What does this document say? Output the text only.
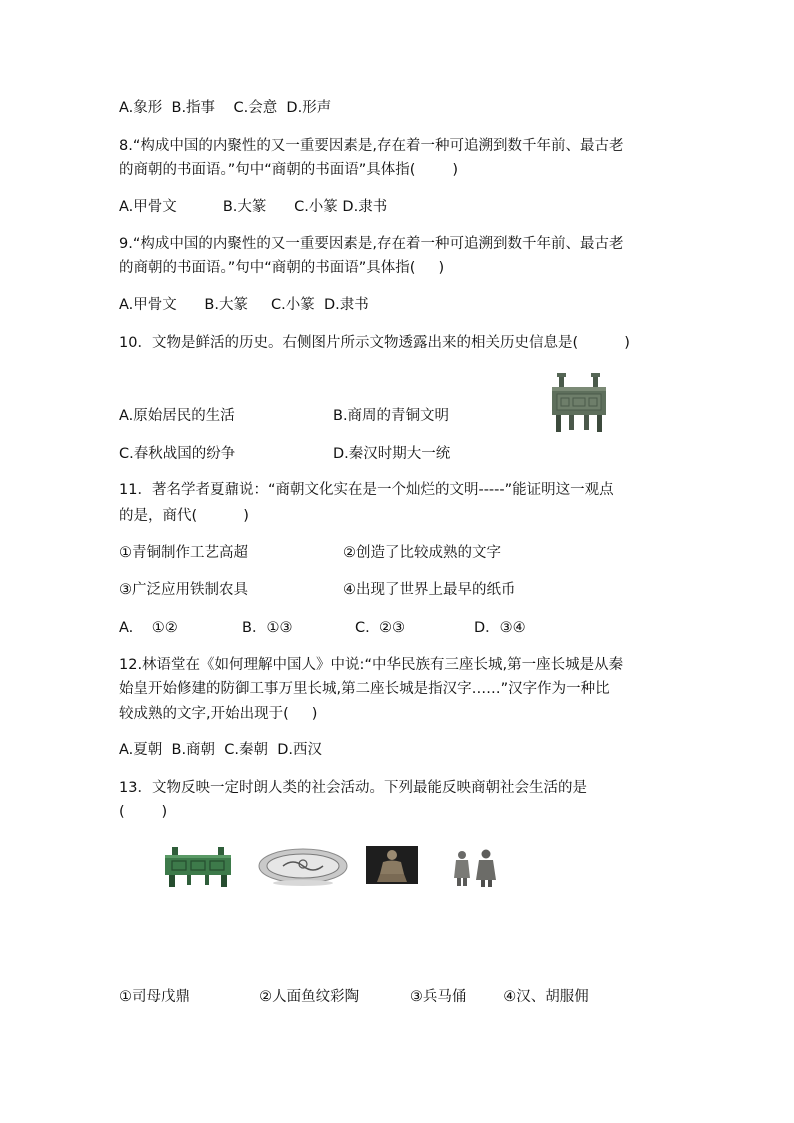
A.象形  B.指事    C.会意  D.形声

8.“构成中国的内聚性的又一重要因素是,存在着一种可追溯到数千年前、最古老

的商朝的书面语。”句中“商朝的书面语”具体指(        )

A.甲骨文          B.大篆      C.小篆 D.隶书

9.“构成中国的内聚性的又一重要因素是,存在着一种可追溯到数千年前、最古老

的商朝的书面语。”句中“商朝的书面语”具体指(     )

A.甲骨文      B.大篆     C.小篆  D.隶书

10．文物是鲜活的历史。右侧图片所示文物透露出来的相关历史信息是(          )

A.原始居民的生活	B.商周的青铜文明
C.春秋战国的纷争	D.秦汉时期大一统

11．著名学者夏鼐说：“商朝文化实在是一个灿烂的文明--‐--”能证明这一观点

的是，商代(          )

①青铜制作工艺高超	②创造了比较成熟的文字
③广泛应用铁制农具	④出现了世界上最早的纸币
A.    ①②	B．①③	C.  ②③	D．③④

12.林语堂在《如何理解中国人》中说:“中华民族有三座长城,第一座长城是从秦

始皇开始修建的防御工事万里长城,第二座长城是指汉字……”汉字作为一种比

较成熟的文字,开始出现于(     )

A.夏朝  B.商朝  C.秦朝  D.西汉

13．文物反映一定时朗人类的社会活动。下列最能反映商朝社会生活的是

(        )

①司母戊鼎               ②人面鱼纹彩陶           ③兵马俑        ④汉、胡服佣
